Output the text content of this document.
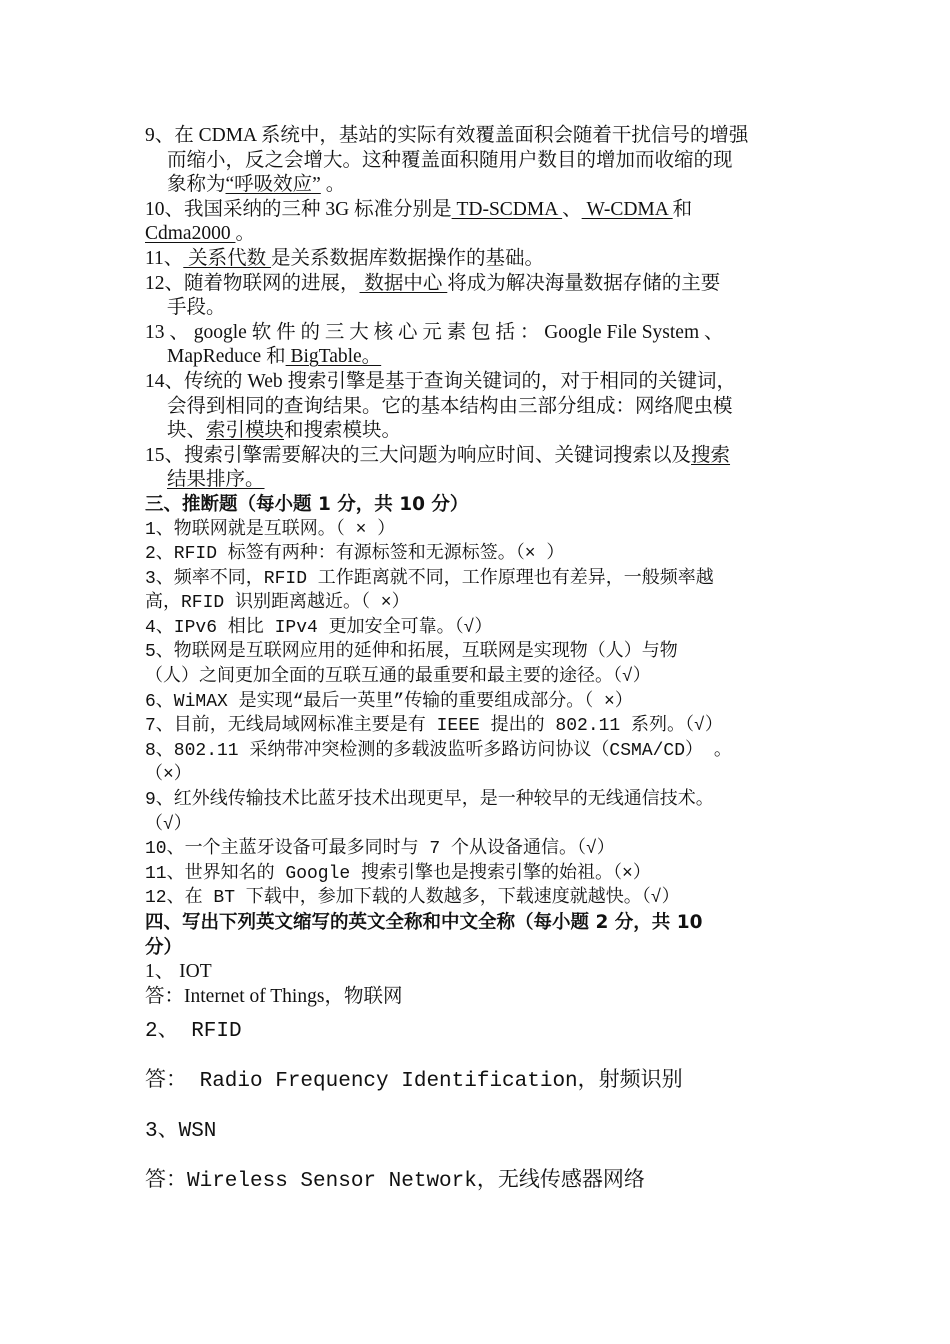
9、在 CDMA 系统中，基站的实际有效覆盖面积会随着干扰信号的增强

而缩小，反之会增大。这种覆盖面积随用户数目的增加而收缩的现

象称为“呼吸效应” 。

10、我国采纳的三种 3G 标准分别是 TD-SCDMA 、 W-CDMA 和

Cdma2000 。

11、 关系代数 是关系数据库数据操作的基础。

12、随着物联网的进展， 数据中心 将成为解决海量数据存储的主要

手段。

13 、 google 软 件 的 三 大 核 心 元 素 包 括 ： Google File System 、

MapReduce 和 BigTable。

14、传统的 Web 搜索引擎是基于查询关键词的，对于相同的关键词，

会得到相同的查询结果。它的基本结构由三部分组成：网络爬虫模

块、索引模块和搜索模块。

15、搜索引擎需要解决的三大问题为响应时间、关键词搜索以及搜索

结果排序。

三、推断题（每小题 1 分，共 10 分）

1、物联网就是互联网。（ × ）

2、RFID 标签有两种：有源标签和无源标签。（× ）

3、频率不同，RFID 工作距离就不同，工作原理也有差异，一般频率越

高，RFID 识别距离越近。（ ×）

4、IPv6 相比 IPv4 更加安全可靠。（√）

5、物联网是互联网应用的延伸和拓展，互联网是实现物（人）与物

（人）之间更加全面的互联互通的最重要和最主要的途径。（√）

6、WiMAX 是实现“最后一英里”传输的重要组成部分。（ ×）

7、目前，无线局域网标准主要是有 IEEE 提出的 802.11 系列。（√）

8、802.11 采纳带冲突检测的多载波监听多路访问协议（CSMA/CD） 。

（×）

9、红外线传输技术比蓝牙技术出现更早，是一种较早的无线通信技术。

（√）

10、一个主蓝牙设备可最多同时与 7 个从设备通信。（√）

11、世界知名的 Google 搜索引擎也是搜索引擎的始祖。（×）

12、在 BT 下载中，参加下载的人数越多，下载速度就越快。（√）

四、写出下列英文缩写的英文全称和中文全称（每小题 2 分，共 10

分）

1、 IOT

答：Internet of Things，物联网

2、 RFID

答： Radio Frequency Identification，射频识别

3、WSN

答：Wireless Sensor Network，无线传感器网络
